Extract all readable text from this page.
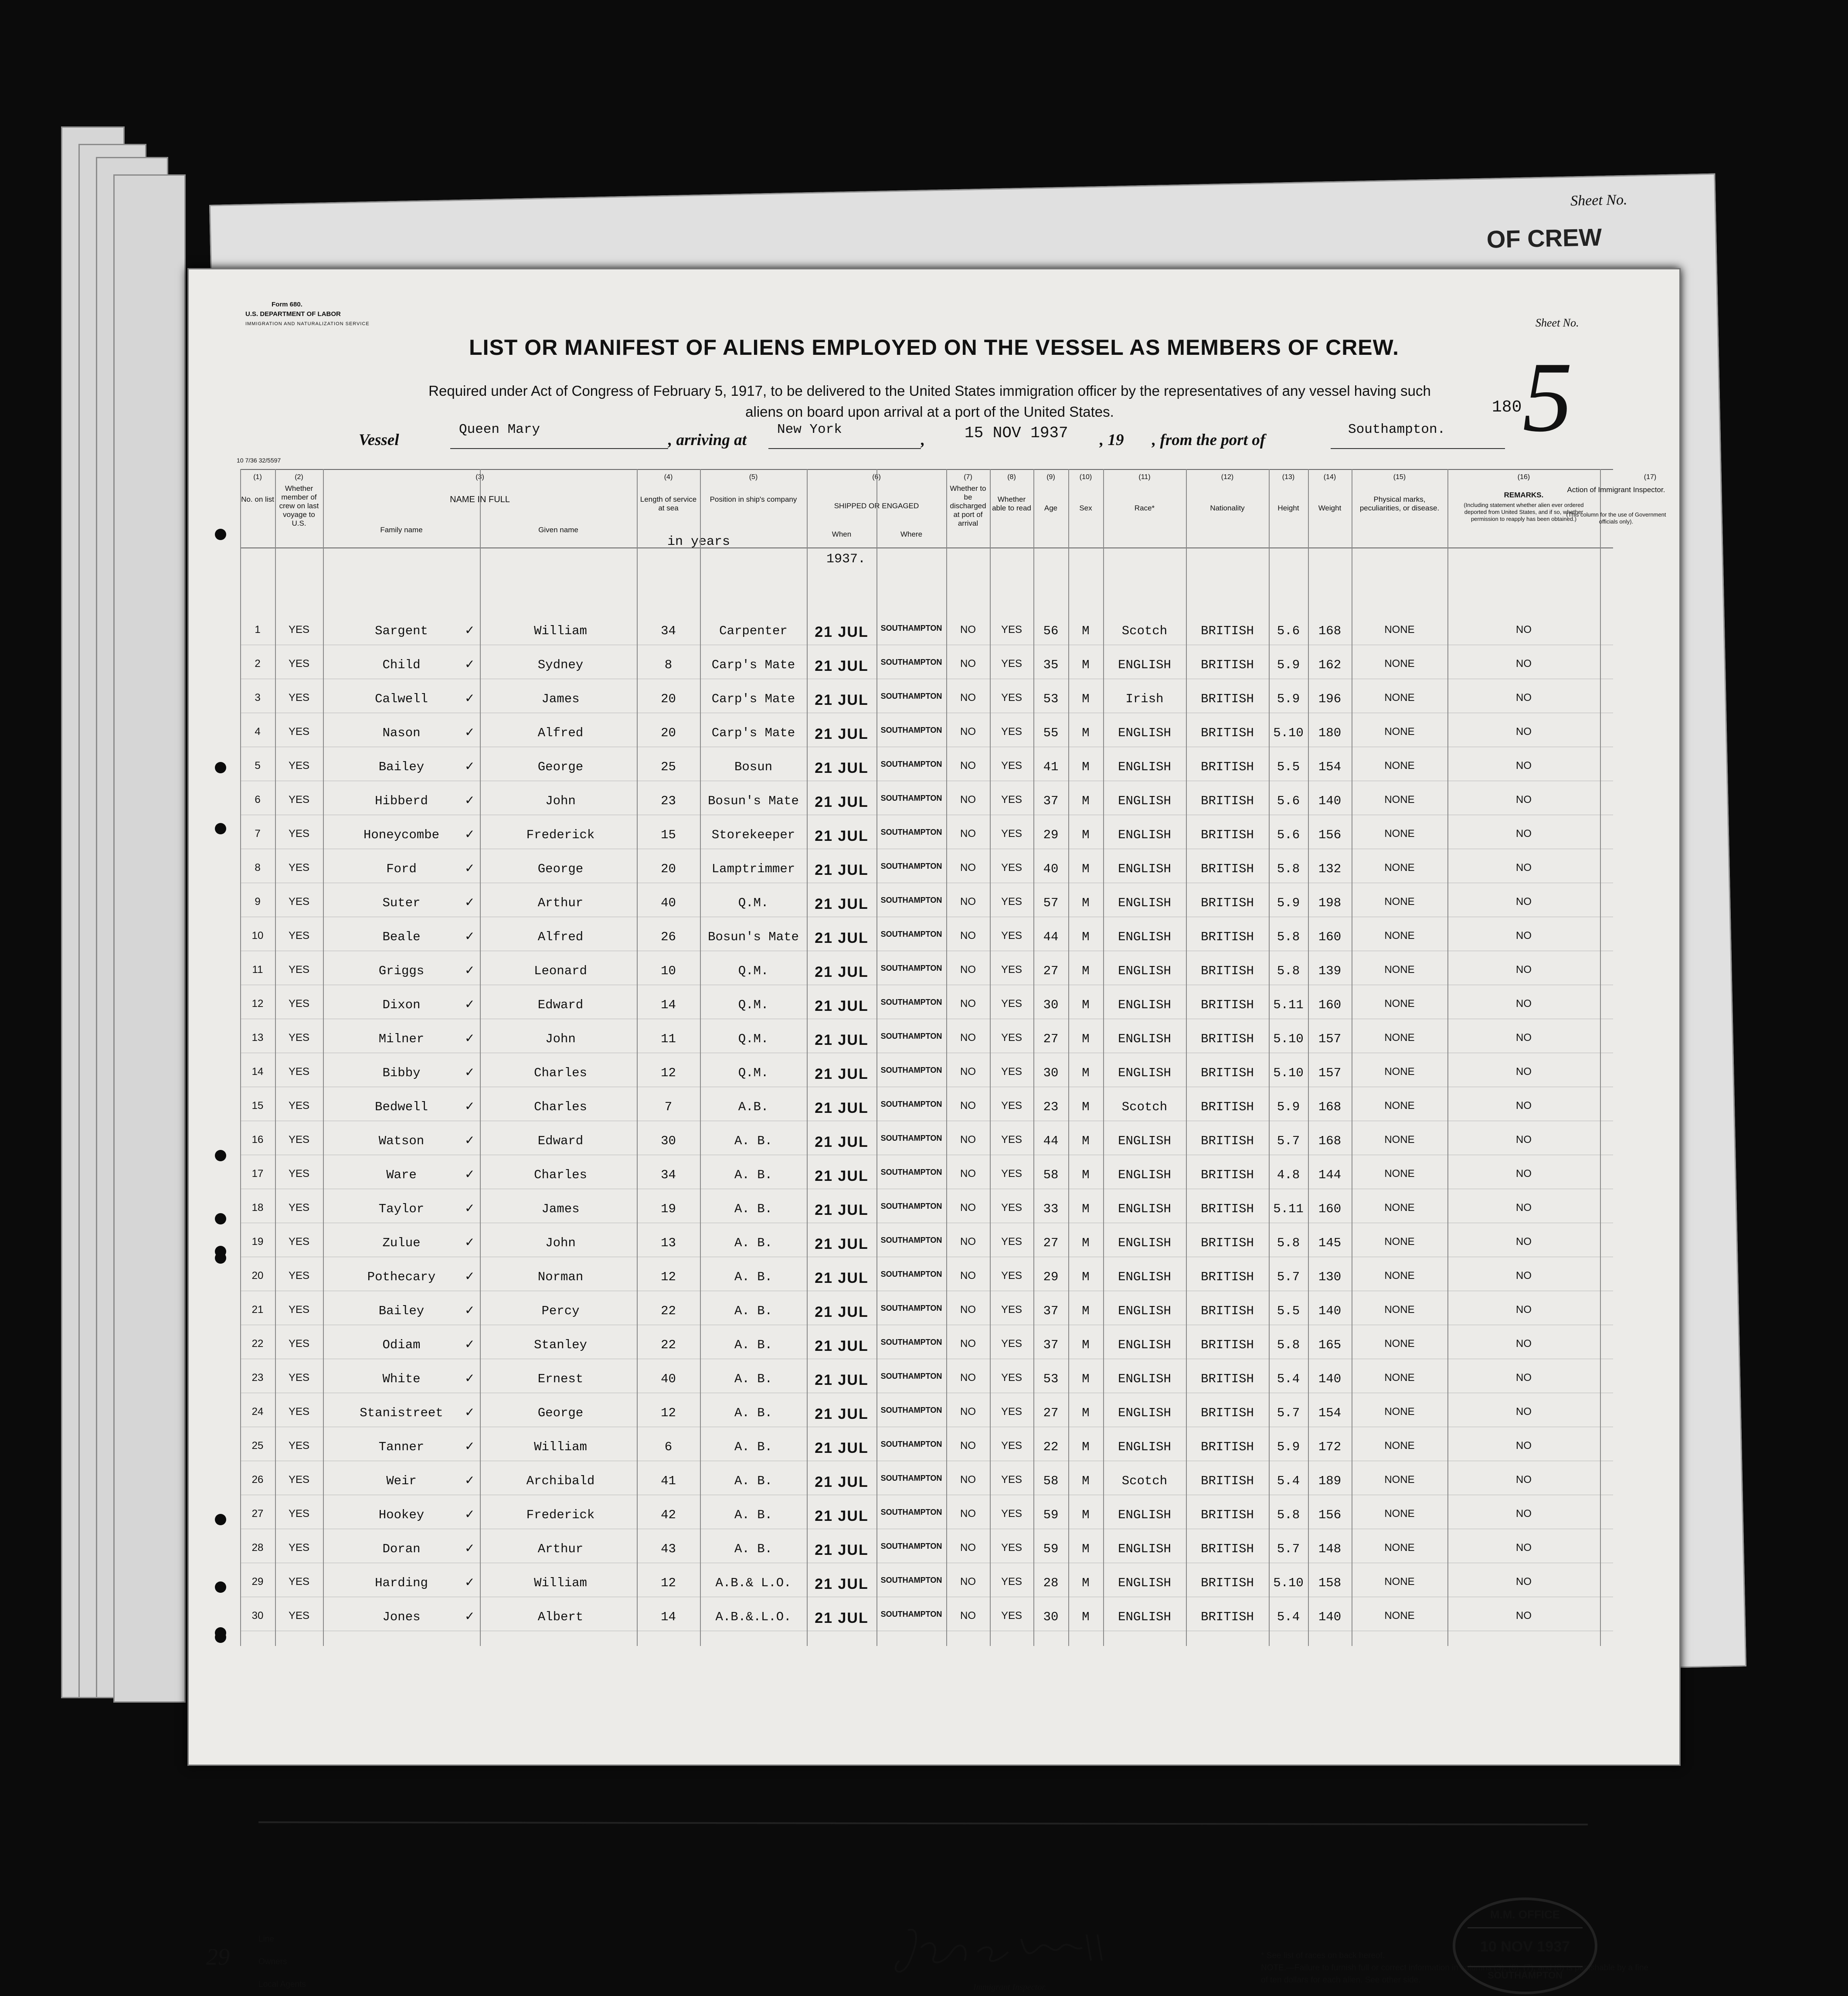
Sheet No.
OF CREW
Form 680.
U.S. DEPARTMENT OF LABOR
IMMIGRATION AND NATURALIZATION SERVICE	Sheet No.
LIST OR MANIFEST OF ALIENS EMPLOYED ON THE VESSEL AS MEMBERS OF CREW.
Required under Act of Congress of February 5, 1917, to be delivered to the United States immigration officer by the representatives of any vessel having such
aliens on board upon arrival at a port of the United States.	5
Vessel
Queen Mary
, arriving at
New York
,	15 NOV 1937 , 19 , from the port of
Southampton.
180
10 7/36 32/5597
(1)
No. on list
(2)
Whether member of crew on last voyage to U.S.
(3)
NAME IN FULL
Family name	Given name
(4)
Length of service at sea
(5)
Position in ship's company
(6)
SHIPPED OR ENGAGED
When	Where
(7)
Whether to be discharged at port of arrival
(8)
Whether able to read
(9)
Age
(10)
Sex
(11)
Race*
(12)
Nationality
(13)
Height
(14)
Weight
(15)
Physical marks, peculiarities, or disease.
(16)
REMARKS.
(Including statement whether alien ever ordered deported from United States, and if so, whether permission to reapply has been obtained.)
(17)
in years
1937.
1	YES	Sargent	William	34	Carpenter	21 JUL	SOUTHAMPTON	NO	YES	56	M	Scotch	BRITISH	5.6	168	NONE	NO
✓
2	YES	Child	Sydney	8	Carp's Mate	21 JUL	SOUTHAMPTON	NO	YES	35	M	ENGLISH	BRITISH	5.9	162	NONE	NO
✓
3	YES	Calwell	James	20	Carp's Mate	21 JUL	SOUTHAMPTON	NO	YES	53	M	Irish	BRITISH	5.9	196	NONE	NO
✓
4	YES	Nason	Alfred	20	Carp's Mate	21 JUL	SOUTHAMPTON	NO	YES	55	M	ENGLISH	BRITISH	5.10	180	NONE	NO
✓
5	YES	Bailey	George	25	Bosun	21 JUL	SOUTHAMPTON	NO	YES	41	M	ENGLISH	BRITISH	5.5	154	NONE	NO
✓
6	YES	Hibberd	John	23	Bosun's Mate	21 JUL	SOUTHAMPTON	NO	YES	37	M	ENGLISH	BRITISH	5.6	140	NONE	NO
✓
7	YES	Honeycombe	Frederick	15	Storekeeper	21 JUL	SOUTHAMPTON	NO	YES	29	M	ENGLISH	BRITISH	5.6	156	NONE	NO
✓
8	YES	Ford	George	20	Lamptrimmer	21 JUL	SOUTHAMPTON	NO	YES	40	M	ENGLISH	BRITISH	5.8	132	NONE	NO
✓
9	YES	Suter	Arthur	40	Q.M.	21 JUL	SOUTHAMPTON	NO	YES	57	M	ENGLISH	BRITISH	5.9	198	NONE	NO
✓
10	YES	Beale	Alfred	26	Bosun's Mate	21 JUL	SOUTHAMPTON	NO	YES	44	M	ENGLISH	BRITISH	5.8	160	NONE	NO
✓
11	YES	Griggs	Leonard	10	Q.M.	21 JUL	SOUTHAMPTON	NO	YES	27	M	ENGLISH	BRITISH	5.8	139	NONE	NO
✓
12	YES	Dixon	Edward	14	Q.M.	21 JUL	SOUTHAMPTON	NO	YES	30	M	ENGLISH	BRITISH	5.11	160	NONE	NO
✓
13	YES	Milner	John	11	Q.M.	21 JUL	SOUTHAMPTON	NO	YES	27	M	ENGLISH	BRITISH	5.10	157	NONE	NO
✓
14	YES	Bibby	Charles	12	Q.M.	21 JUL	SOUTHAMPTON	NO	YES	30	M	ENGLISH	BRITISH	5.10	157	NONE	NO
✓
15	YES	Bedwell	Charles	7	A.B.	21 JUL	SOUTHAMPTON	NO	YES	23	M	Scotch	BRITISH	5.9	168	NONE	NO
✓
16	YES	Watson	Edward	30	A. B.	21 JUL	SOUTHAMPTON	NO	YES	44	M	ENGLISH	BRITISH	5.7	168	NONE	NO
✓
17	YES	Ware	Charles	34	A. B.	21 JUL	SOUTHAMPTON	NO	YES	58	M	ENGLISH	BRITISH	4.8	144	NONE	NO
✓
18	YES	Taylor	James	19	A. B.	21 JUL	SOUTHAMPTON	NO	YES	33	M	ENGLISH	BRITISH	5.11	160	NONE	NO
✓
19	YES	Zulue	John	13	A. B.	21 JUL	SOUTHAMPTON	NO	YES	27	M	ENGLISH	BRITISH	5.8	145	NONE	NO
✓
20	YES	Pothecary	Norman	12	A. B.	21 JUL	SOUTHAMPTON	NO	YES	29	M	ENGLISH	BRITISH	5.7	130	NONE	NO
✓
21	YES	Bailey	Percy	22	A. B.	21 JUL	SOUTHAMPTON	NO	YES	37	M	ENGLISH	BRITISH	5.5	140	NONE	NO
✓
22	YES	Odiam	Stanley	22	A. B.	21 JUL	SOUTHAMPTON	NO	YES	37	M	ENGLISH	BRITISH	5.8	165	NONE	NO
✓
23	YES	White	Ernest	40	A. B.	21 JUL	SOUTHAMPTON	NO	YES	53	M	ENGLISH	BRITISH	5.4	140	NONE	NO
✓
24	YES	Stanistreet	George	12	A. B.	21 JUL	SOUTHAMPTON	NO	YES	27	M	ENGLISH	BRITISH	5.7	154	NONE	NO
✓
25	YES	Tanner	William	6	A. B.	21 JUL	SOUTHAMPTON	NO	YES	22	M	ENGLISH	BRITISH	5.9	172	NONE	NO
✓
26	YES	Weir	Archibald	41	A. B.	21 JUL	SOUTHAMPTON	NO	YES	58	M	Scotch	BRITISH	5.4	189	NONE	NO
✓
27	YES	Hookey	Frederick	42	A. B.	21 JUL	SOUTHAMPTON	NO	YES	59	M	ENGLISH	BRITISH	5.8	156	NONE	NO
✓
28	YES	Doran	Arthur	43	A. B.	21 JUL	SOUTHAMPTON	NO	YES	59	M	ENGLISH	BRITISH	5.7	148	NONE	NO
✓
29	YES	Harding	William	12	A.B.& L.O.	21 JUL	SOUTHAMPTON	NO	YES	28	M	ENGLISH	BRITISH	5.10	158	NONE	NO
✓
30	YES	Jones	Albert	14	A.B.&.L.O.	21 JUL	SOUTHAMPTON	NO	YES	30	M	ENGLISH	BRITISH	5.4	140	NONE	NO
✓
Action of Immigrant Inspector.
(This column for the use of Government officials only).
Line
Owners
Local Agents
29
Immigrant Inspector.
* See list of races on back hereof.
NOTE.—Failure to furnish full or correct information in columns (3), (6), (7), and (8) is punishable by a fine of ten dollars for each alien. See other side.
M.M. OFFICE
10 NOV 1937
SOUTHAMPTON
